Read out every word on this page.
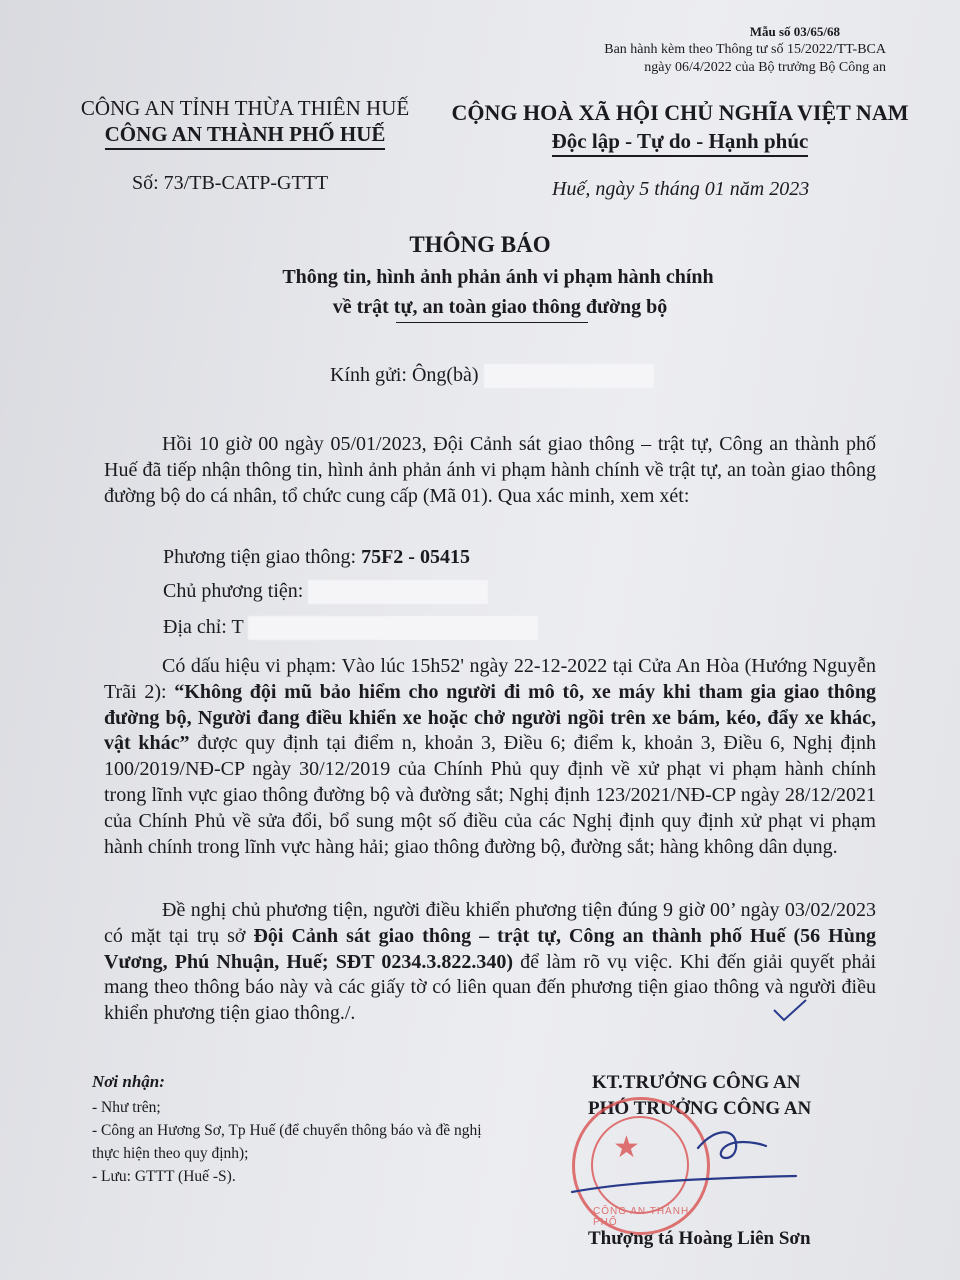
Mẫu số 03/65/68
Ban hành kèm theo Thông tư số 15/2022/TT-BCA
ngày 06/4/2022 của Bộ trưởng Bộ Công an
CÔNG AN TỈNH THỪA THIÊN HUẾ
CÔNG AN THÀNH PHỐ HUẾ
Số: 73/TB-CATP-GTTT
CỘNG HOÀ XÃ HỘI CHỦ NGHĨA VIỆT NAM
Độc lập - Tự do - Hạnh phúc
Huế, ngày 5 tháng 01 năm 2023
THÔNG BÁO
Thông tin, hình ảnh phản ánh vi phạm hành chính
về trật tự, an toàn giao thông đường bộ
Kính gửi: Ông(bà)

Hồi 10 giờ 00 ngày 05/01/2023, Đội Cảnh sát giao thông – trật tự, Công an thành phố Huế đã tiếp nhận thông tin, hình ảnh phản ánh vi phạm hành chính về trật tự, an toàn giao thông đường bộ do cá nhân, tổ chức cung cấp (Mã 01). Qua xác minh, xem xét:

Phương tiện giao thông: 75F2 - 05415
Chủ phương tiện:
Địa chỉ: T

Có dấu hiệu vi phạm: Vào lúc 15h52' ngày 22-12-2022 tại Cửa An Hòa (Hướng Nguyễn Trãi 2): “Không đội mũ bảo hiểm cho người đi mô tô, xe máy khi tham gia giao thông đường bộ, Người đang điều khiển xe hoặc chở người ngồi trên xe bám, kéo, đẩy xe khác, vật khác” được quy định tại điểm n, khoản 3, Điều 6; điểm k, khoản 3, Điều 6, Nghị định 100/2019/NĐ-CP ngày 30/12/2019 của Chính Phủ quy định về xử phạt vi phạm hành chính trong lĩnh vực giao thông đường bộ và đường sắt; Nghị định 123/2021/NĐ-CP ngày 28/12/2021 của Chính Phủ về sửa đổi, bổ sung một số điều của các Nghị định quy định xử phạt vi phạm hành chính trong lĩnh vực hàng hải; giao thông đường bộ, đường sắt; hàng không dân dụng.

Đề nghị chủ phương tiện, người điều khiển phương tiện đúng 9 giờ 00’ ngày 03/02/2023 có mặt tại trụ sở Đội Cảnh sát giao thông – trật tự, Công an thành phố Huế (56 Hùng Vương, Phú Nhuận, Huế; SĐT 0234.3.822.340) để làm rõ vụ việc. Khi đến giải quyết phải mang theo thông báo này và các giấy tờ có liên quan đến phương tiện giao thông và người điều khiển phương tiện giao thông./.

Nơi nhận:
- Như trên;
- Công an Hương Sơ, Tp Huế (để chuyển thông báo và đề nghị thực hiện theo quy định);
- Lưu: GTTT (Huế -S).
KT.TRƯỞNG CÔNG AN
PHÓ TRƯỞNG CÔNG AN
★
CÔNG AN THÀNH PHỐ
Thượng tá Hoàng Liên Sơn
